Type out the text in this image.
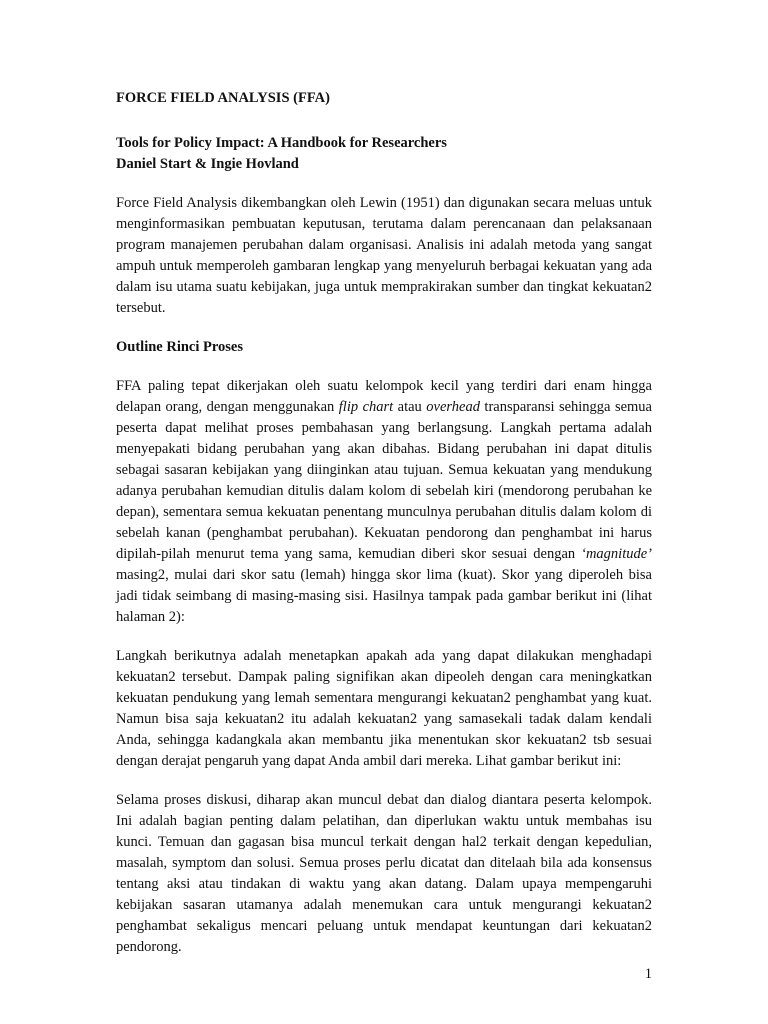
FORCE FIELD ANALYSIS (FFA)
Tools for Policy Impact: A Handbook for Researchers
Daniel Start & Ingie Hovland

Force Field Analysis dikembangkan oleh Lewin (1951) dan digunakan secara meluas untuk menginformasikan pembuatan keputusan, terutama dalam perencanaan dan pelaksanaan program manajemen perubahan dalam organisasi. Analisis ini adalah metoda yang sangat ampuh untuk memperoleh gambaran lengkap yang menyeluruh berbagai kekuatan yang ada dalam isu utama suatu kebijakan, juga untuk memprakirakan sumber dan tingkat kekuatan2 tersebut.

Outline Rinci Proses

FFA paling tepat dikerjakan oleh suatu kelompok kecil yang terdiri dari enam hingga delapan orang, dengan menggunakan flip chart atau overhead transparansi sehingga semua peserta dapat melihat proses pembahasan yang berlangsung. Langkah pertama adalah menyepakati bidang perubahan yang akan dibahas. Bidang perubahan ini dapat ditulis sebagai sasaran kebijakan yang diinginkan atau tujuan. Semua kekuatan yang mendukung adanya perubahan kemudian ditulis dalam kolom di sebelah kiri (mendorong perubahan ke depan), sementara semua kekuatan penentang munculnya perubahan ditulis dalam kolom di sebelah kanan (penghambat perubahan). Kekuatan pendorong dan penghambat ini harus dipilah-pilah menurut tema yang sama, kemudian diberi skor sesuai dengan ‘magnitude’ masing2, mulai dari skor satu (lemah) hingga skor lima (kuat). Skor yang diperoleh bisa jadi tidak seimbang di masing-masing sisi. Hasilnya tampak pada gambar berikut ini (lihat halaman 2):

Langkah berikutnya adalah menetapkan apakah ada yang dapat dilakukan menghadapi kekuatan2 tersebut. Dampak paling signifikan akan dipeoleh dengan cara meningkatkan kekuatan pendukung yang lemah sementara mengurangi kekuatan2 penghambat yang kuat. Namun bisa saja kekuatan2 itu adalah kekuatan2 yang samasekali tadak dalam kendali Anda, sehingga kadangkala akan membantu jika menentukan skor kekuatan2 tsb sesuai dengan derajat pengaruh yang dapat Anda ambil dari mereka. Lihat gambar berikut ini:

Selama proses diskusi, diharap akan muncul debat dan dialog diantara peserta kelompok. Ini adalah bagian penting dalam pelatihan, dan diperlukan waktu untuk membahas isu kunci. Temuan dan gagasan bisa muncul terkait dengan hal2 terkait dengan kepedulian, masalah, symptom dan solusi. Semua proses perlu dicatat dan ditelaah bila ada konsensus tentang aksi atau tindakan di waktu yang akan datang. Dalam upaya mempengaruhi kebijakan sasaran utamanya adalah menemukan cara untuk mengurangi kekuatan2 penghambat sekaligus mencari peluang untuk mendapat keuntungan dari kekuatan2 pendorong.

1
